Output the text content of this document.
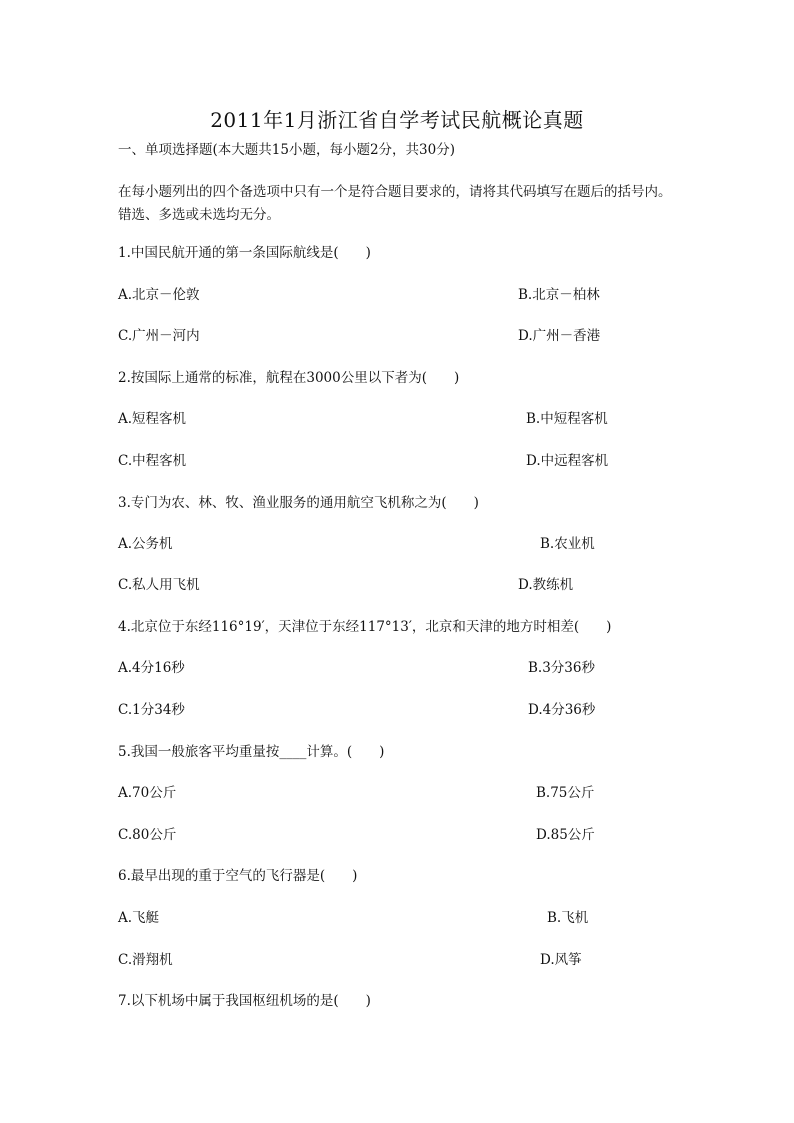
2011年1月浙江省自学考试民航概论真题
一、单项选择题(本大题共15小题，每小题2分，共30分)
在每小题列出的四个备选项中只有一个是符合题目要求的，请将其代码填写在题后的括号内。错选、多选或未选均无分。
1.中国民航开通的第一条国际航线是(　　)
A.北京－伦敦	B.北京－柏林
C.广州－河内	D.广州－香港
2.按国际上通常的标准，航程在3000公里以下者为(　　)
A.短程客机	B.中短程客机
C.中程客机	D.中远程客机
3.专门为农、林、牧、渔业服务的通用航空飞机称之为(　　)
A.公务机	B.农业机
C.私人用飞机	D.教练机
4.北京位于东经116°19′，天津位于东经117°13′，北京和天津的地方时相差(　　)
A.4分16秒	B.3分36秒
C.1分34秒	D.4分36秒
5.我国一般旅客平均重量按____计算。(　　)
A.70公斤	B.75公斤
C.80公斤	D.85公斤
6.最早出现的重于空气的飞行器是(　　)
A.飞艇	B.飞机
C.滑翔机	D.风筝
7.以下机场中属于我国枢纽机场的是(　　)
